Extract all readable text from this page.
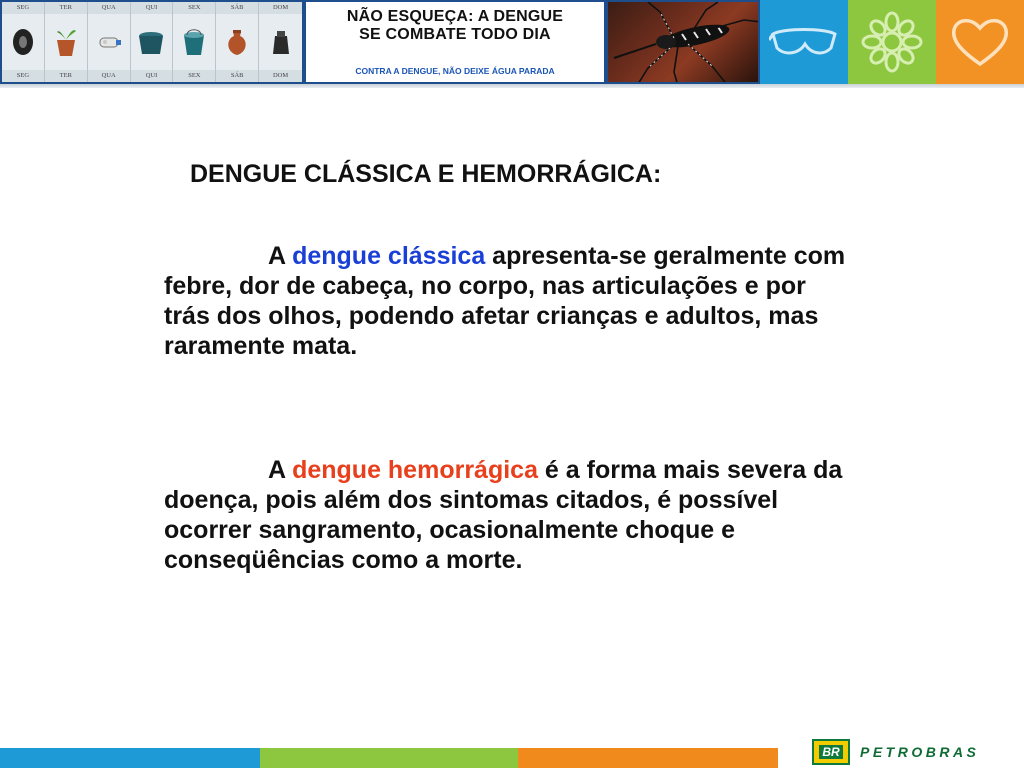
SEG
SEG
TER
TER
QUA
QUA
QUI
QUI
SEX
SEX
SÁB
SÁB
DOM
DOM
NÃO ESQUEÇA: A DENGUE
SE COMBATE TODO DIA
CONTRA A DENGUE, NÃO DEIXE ÁGUA PARADA
DENGUE CLÁSSICA E HEMORRÁGICA:
A dengue clássica apresenta-se geralmente com febre, dor de cabeça, no corpo, nas articulações e por trás dos olhos, podendo afetar crianças e adultos, mas raramente mata.
A dengue hemorrágica é a forma mais severa da doença, pois além dos sintomas citados, é possível ocorrer sangramento, ocasionalmente choque e conseqüências como a morte.
BR PETROBRAS
